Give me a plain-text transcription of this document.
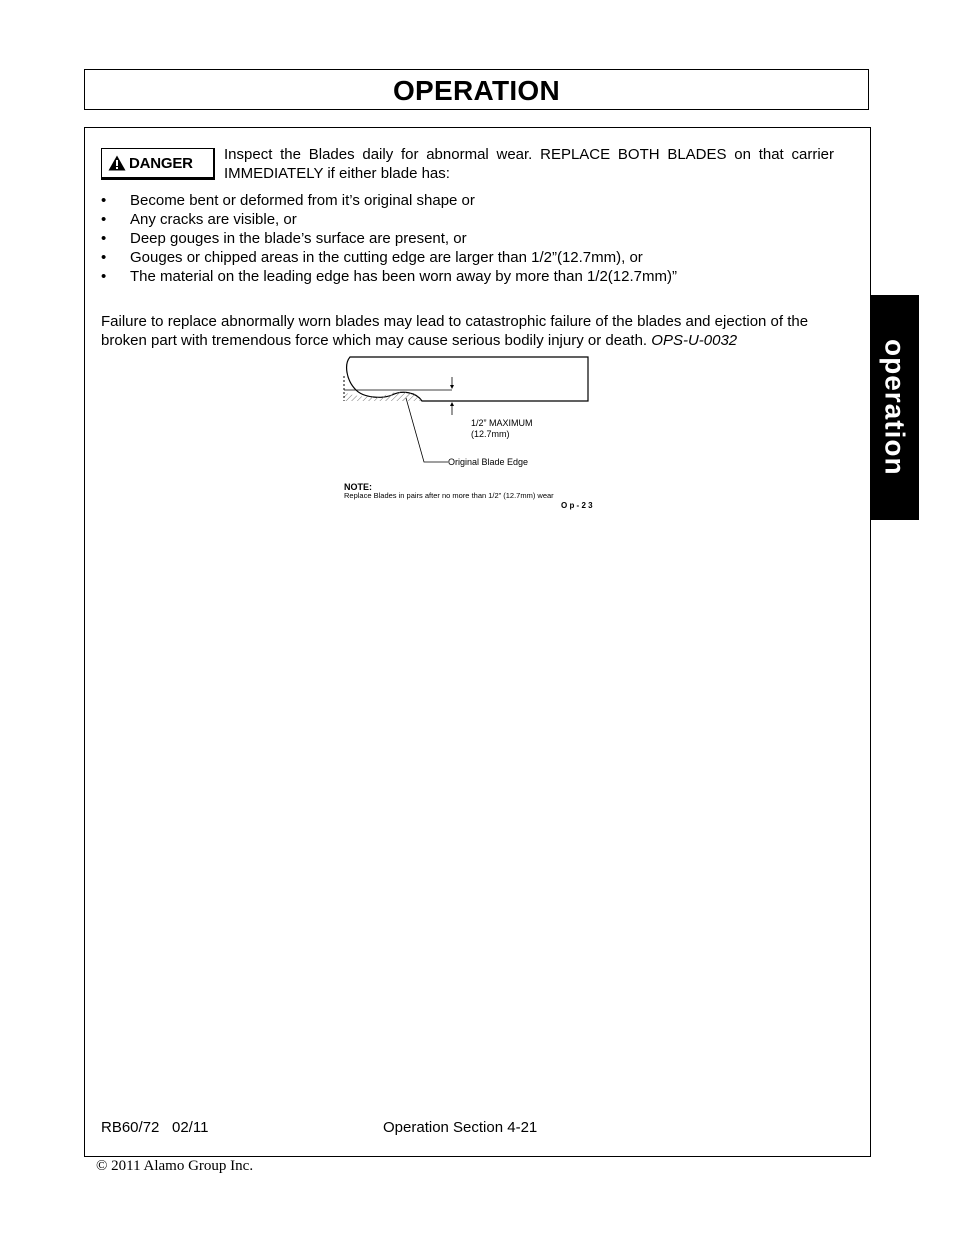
OPERATION
DANGER Inspect the Blades daily for abnormal wear. REPLACE BOTH BLADES on that carrier IMMEDIATELY if either blade has:
• Become bent or deformed from it’s original shape or
• Any cracks are visible, or
• Deep gouges in the blade’s surface are present, or
• Gouges or chipped areas in the cutting edge are larger than 1/2”(12.7mm), or
• The material on the leading edge has been worn away by more than 1/2(12.7mm)”
Failure to replace abnormally worn blades may lead to catastrophic failure of the blades and ejection of the broken part with tremendous force which may cause serious bodily injury or death. OPS-U-0032
1/2” MAXIMUM
(12.7mm)
Original Blade Edge
NOTE:
Replace Blades in pairs after no more than 1/2” (12.7mm) wear
O p - 2 3
RB60/72 02/11	Operation Section 4-21
© 2011 Alamo Group Inc.
operation
